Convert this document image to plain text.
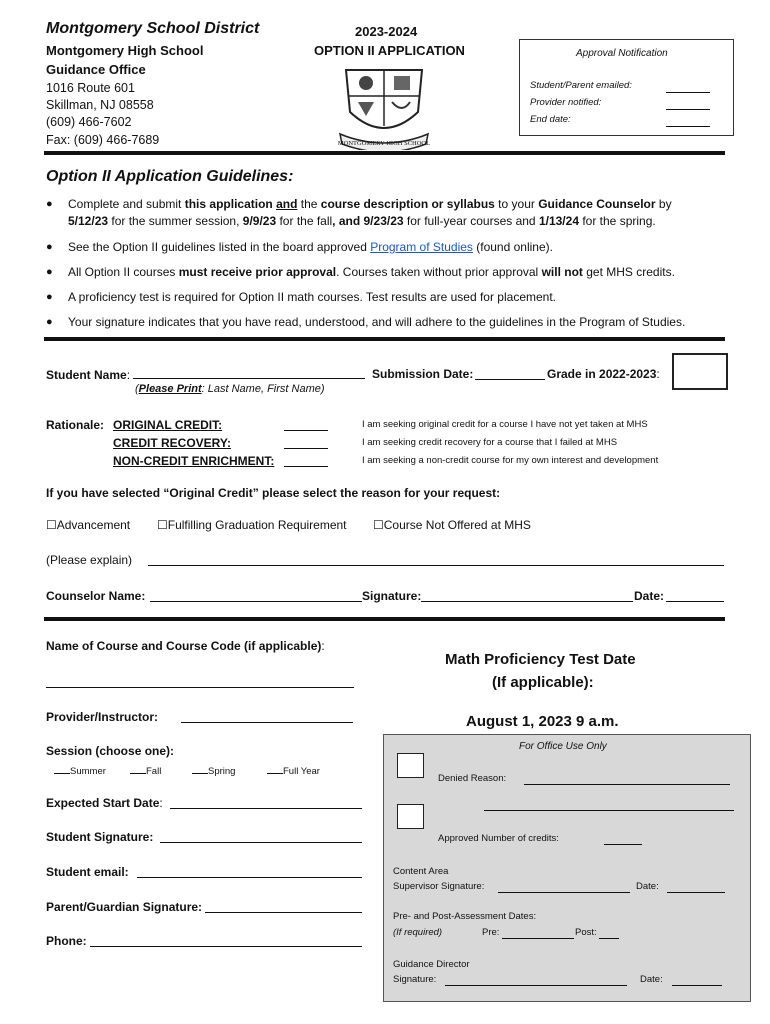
Montgomery School District
Montgomery High School
Guidance Office
1016 Route 601
Skillman, NJ 08558
(609) 466-7602
Fax: (609) 466-7689
2023-2024
OPTION II APPLICATION
MONTGOMERY HIGH SCHOOL
Approval Notification
Student/Parent emailed:
Provider notified:
End date:
Option II Application Guidelines:
● Complete and submit this application and the course description or syllabus to your Guidance Counselor by
5/12/23 for the summer session, 9/9/23 for the fall, and 9/23/23 for full-year courses and 1/13/24 for the spring.
● See the Option II guidelines listed in the board approved Program of Studies (found online).
● All Option II courses must receive prior approval. Courses taken without prior approval will not get MHS credits.
● A proficiency test is required for Option II math courses. Test results are used for placement.
● Your signature indicates that you have read, understood, and will adhere to the guidelines in the Program of Studies.
Student Name:	Submission Date:	Grade in 2022-2023:
(Please Print: Last Name, First Name)
Rationale: ORIGINAL CREDIT:
CREDIT RECOVERY:
NON-CREDIT ENRICHMENT:
I am seeking original credit for a course I have not yet taken at MHS
I am seeking credit recovery for a course that I failed at MHS
I am seeking a non-credit course for my own interest and development
If you have selected “Original Credit” please select the reason for your request:
☐Advancement ☐Fulfilling Graduation Requirement ☐Course Not Offered at MHS
(Please explain)
Counselor Name:	Signature:	Date:
Name of Course and Course Code (if applicable):
Provider/Instructor:
Session (choose one):
Summer	Fall	Spring	Full Year
Expected Start Date:
Student Signature:
Student email:
Parent/Guardian Signature:
Phone:
Math Proficiency Test Date
(If applicable):
August 1, 2023 9 a.m.
For Office Use Only
Denied Reason:
Approved Number of credits:
Content Area
Supervisor Signature:	Date:
Pre- and Post-Assessment Dates:
(If required)	Pre:	Post:
Guidance Director
Signature:	Date:
